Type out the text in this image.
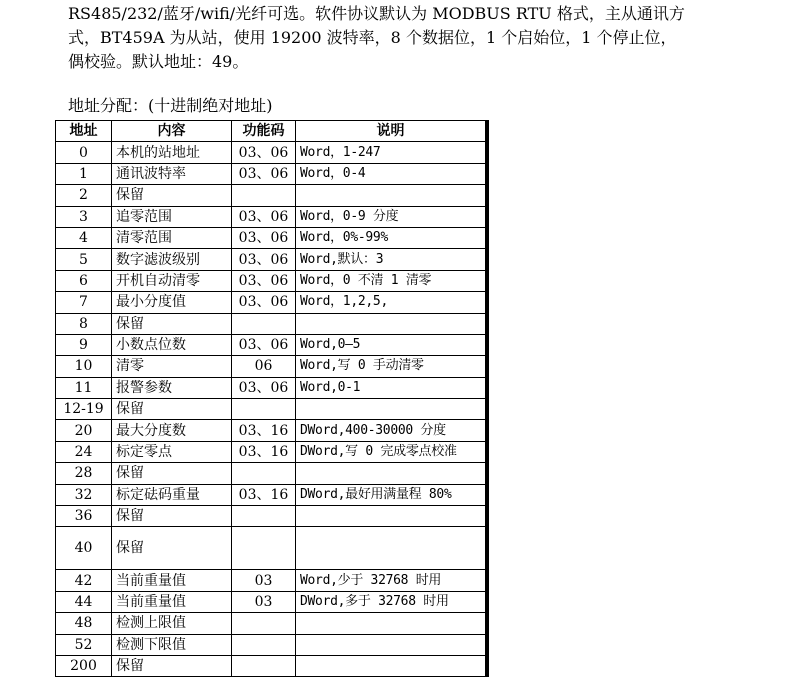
RS485/232/蓝牙/wifi/光纤可选。软件协议默认为 MODBUS RTU 格式，主从通讯方
式，BT459A 为从站，使用 19200 波特率，8 个数据位，1 个启始位，1 个停止位，
偶校验。默认地址：49。

地址分配：(十进制绝对地址)
地址	内容	功能码	说明
0	本机的站地址	03、06	Word，1-247
1	通讯波特率	03、06	Word，0-4
2	保留		
3	追零范围	03、06	Word，0-9 分度
4	清零范围	03、06	Word，0%-99%
5	数字滤波级别	03、06	Word,默认：3
6	开机自动清零	03、06	Word，0 不清 1 清零
7	最小分度值	03、06	Word，1,2,5,
8	保留		
9	小数点位数	03、06	Word,0—5
10	清零	06	Word,写 0 手动清零
11	报警参数	03、06	Word,0-1
12-19	保留		
20	最大分度数	03、16	DWord,400-30000 分度
24	标定零点	03、16	DWord,写 0 完成零点校准
28	保留		
32	标定砝码重量	03、16	DWord,最好用满量程 80%
36	保留		
40	保留		
42	当前重量值	03	Word,少于 32768 时用
44	当前重量值	03	DWord,多于 32768 时用
48	检测上限值		
52	检测下限值		
200	保留		
